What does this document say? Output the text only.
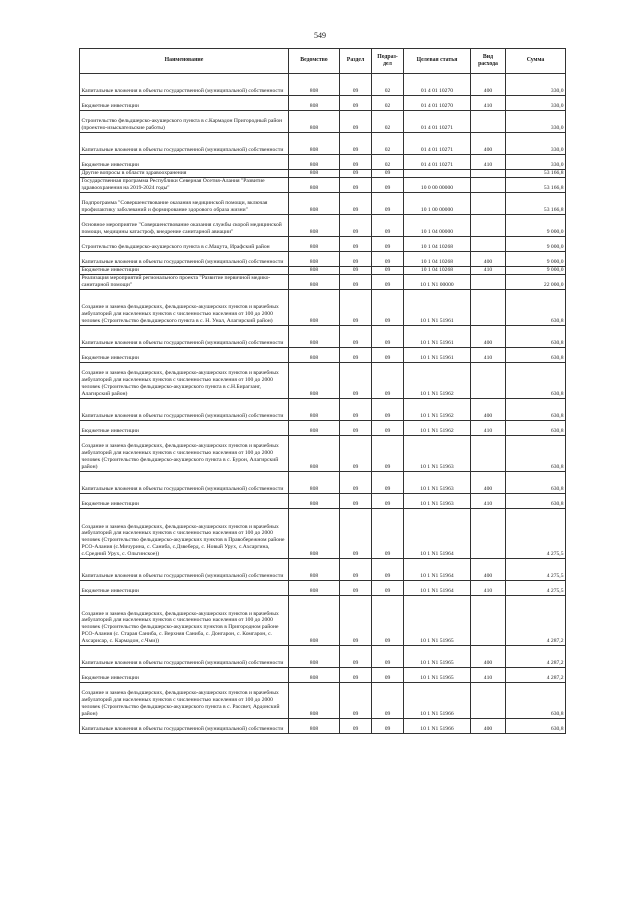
549
Наименование	Ведомство	Раздел	Подраз-дел	Целевая статья	Вид расхода	Сумма
Капитальные вложения в объекты государственной (муниципальной) собственности	808	09	02	01 4 01 10270	400	330,0
Бюджетные инвестиции	808	09	02	01 4 01 10270	410	330,0
Строительство фельдшерско-акушерского пункта в с.Кармадон Пригородный район (проектно-изыскательские работы)	808	09	02	01 4 01 10271		330,0
Капитальные вложения в объекты государственной (муниципальной) собственности	808	09	02	01 4 01 10271	400	330,0
Бюджетные инвестиции	808	09	02	01 4 01 10271	410	330,0
Другие вопросы в области здравоохранения	808	09	09			53 166,8
Государственная программа Республики Северная Осетия-Алания "Развитие здравоохранения на 2019-2024 годы"	808	09	09	10 0 00 00000		53 166,8
Подпрограмма "Совершенствование оказания медицинской помощи, включая профилактику заболеваний и формирование здорового образа жизни"	808	09	09	10 1 00 00000		53 166,8
Основное мероприятие "Совершенствование оказания службы скорой медицинской помощи, медицины катастроф, внедрение санитарной авиации"	808	09	09	10 1 04 00000		9 000,0
Строительство фельдшерско-акушерского пункта в с.Мацута, Ирафский район	808	09	09	10 1 04 10268		9 000,0
Капитальные вложения в объекты государственной (муниципальной) собственности	808	09	09	10 1 04 10268	400	9 000,0
Бюджетные инвестиции	808	09	09	10 1 04 10268	410	9 000,0
Реализация мероприятий регионального проекта "Развитие первичной медико-санитарной помощи"	808	09	09	10 1 N1 00000		22 000,0
Создание и замена фельдшерских, фельдшерско-акушерских пунктов и врачебных амбулаторий для населенных пунктов с численностью населения от 100 до 2000 человек (Строительство фельдшерского пункта в с. Н. Унал, Алагирский район)	808	09	09	10 1 N1 51961		630,8
Капитальные вложения в объекты государственной (муниципальной) собственности	808	09	09	10 1 N1 51961	400	630,8
Бюджетные инвестиции	808	09	09	10 1 N1 51961	410	630,8
Создание и замена фельдшерских, фельдшерско-акушерских пунктов и врачебных амбулаторий для населенных пунктов с численностью населения от 100 до 2000 человек (Строительство фельдшерско-акушерского пункта в с.Н.Бирагзанг, Алагирский район)	808	09	09	10 1 N1 51962		630,8
Капитальные вложения в объекты государственной (муниципальной) собственности	808	09	09	10 1 N1 51962	400	630,8
Бюджетные инвестиции	808	09	09	10 1 N1 51962	410	630,8
Создание и замена фельдшерских, фельдшерско-акушерских пунктов и врачебных амбулаторий для населенных пунктов с численностью населения от 100 до 2000 человек (Строительство фельдшерско-акушерского пункта в с. Бурон, Алагирский район)	808	09	09	10 1 N1 51963		630,8
Капитальные вложения в объекты государственной (муниципальной) собственности	808	09	09	10 1 N1 51963	400	630,8
Бюджетные инвестиции	808	09	09	10 1 N1 51963	410	630,8
Создание и замена фельдшерских, фельдшерско-акушерских пунктов и врачебных амбулаторий для населенных пунктов с численностью населения от 100 до 2000 человек (Строительство фельдшерско-акушерских пунктов в Правобережном районе РСО-Алания (с.Мичурина, с. Саниба, с.Дзвеберд, с. Новый Урух, с.Ахсаргина, с.Средний Урух, с. Ольгинское))	808	09	09	10 1 N1 51964		4 275,5
Капитальные вложения в объекты государственной (муниципальной) собственности	808	09	09	10 1 N1 51964	400	4 275,5
Бюджетные инвестиции	808	09	09	10 1 N1 51964	410	4 275,5
Создание и замена фельдшерских, фельдшерско-акушерских пунктов и врачебных амбулаторий для населенных пунктов с численностью населения от 100 до 2000 человек (Строительство фельдшерско-акушерских пунктов в Пригородном районе РСО-Алания (с. Старая Саниба, с. Верхняя Саниба, с. Донгарон, с. Комгарон, с. Ахсарисар, с. Кармадон, с.Чми))	808	09	09	10 1 N1 51965		4 287,2
Капитальные вложения в объекты государственной (муниципальной) собственности	808	09	09	10 1 N1 51965	400	4 287,2
Бюджетные инвестиции	808	09	09	10 1 N1 51965	410	4 287,2
Создание и замена фельдшерских, фельдшерско-акушерских пунктов и врачебных амбулаторий для населенных пунктов с численностью населения от 100 до 2000 человек (Строительство фельдшерско-акушерского пункта в с. Рассвет, Ардонский район)	808	09	09	10 1 N1 51966		630,8
Капитальные вложения в объекты государственной (муниципальной) собственности	808	09	09	10 1 N1 51966	400	630,8
